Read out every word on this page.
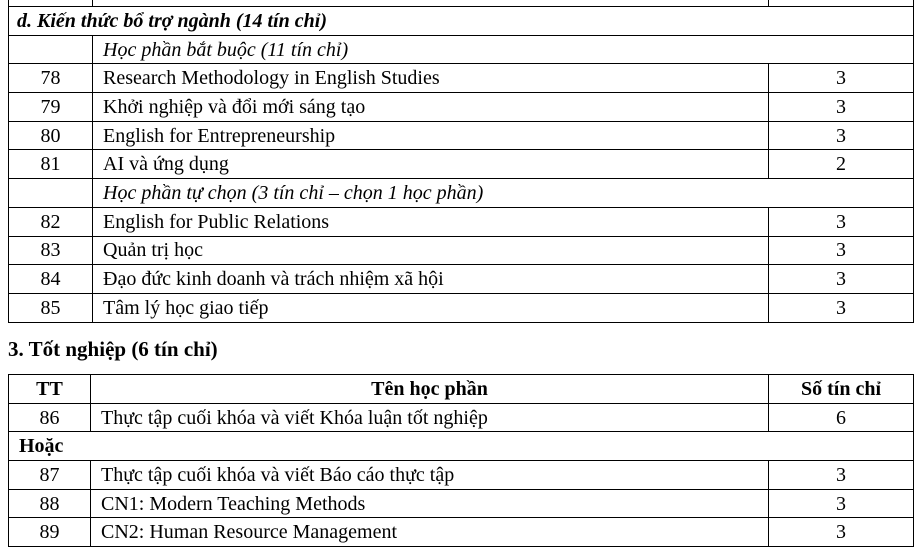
d. Kiến thức bổ trợ ngành (14 tín chỉ)		
	Học phần bắt buộc (11 tín chỉ)	
78	Research Methodology in English Studies	3
79	Khởi nghiệp và đổi mới sáng tạo	3
80	English for Entrepreneurship	3
81	AI và ứng dụng	2
	Học phần tự chọn (3 tín chỉ – chọn 1 học phần)	
82	English for Public Relations	3
83	Quản trị học	3
84	Đạo đức kinh doanh và trách nhiệm xã hội	3
85	Tâm lý học giao tiếp	3
3. Tốt nghiệp (6 tín chỉ)
TT	Tên học phần	Số tín chỉ
86	Thực tập cuối khóa và viết Khóa luận tốt nghiệp	6
Hoặc		
87	Thực tập cuối khóa và viết Báo cáo thực tập	3
88	CN1: Modern Teaching Methods	3
89	CN2: Human Resource Management	3
